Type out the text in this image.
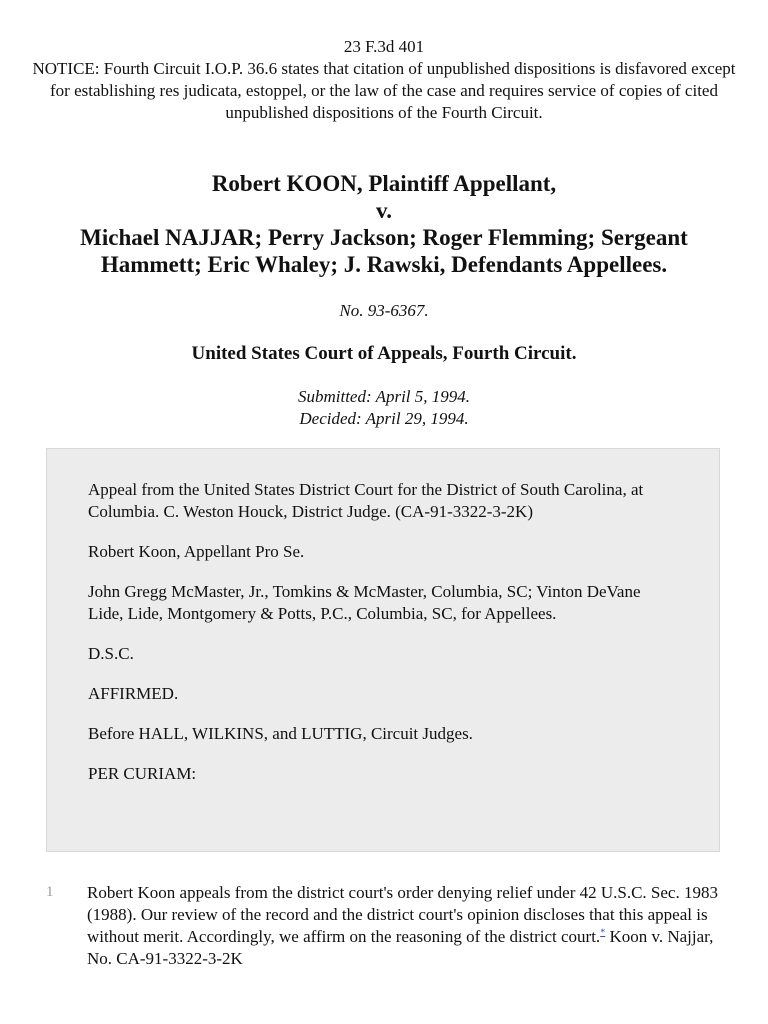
23 F.3d 401
NOTICE: Fourth Circuit I.O.P. 36.6 states that citation of unpublished dispositions is disfavored except for establishing res judicata, estoppel, or the law of the case and requires service of copies of cited unpublished dispositions of the Fourth Circuit.
Robert KOON, Plaintiff Appellant,
v.
Michael NAJJAR; Perry Jackson; Roger Flemming; Sergeant Hammett; Eric Whaley; J. Rawski, Defendants Appellees.
No. 93-6367.
United States Court of Appeals, Fourth Circuit.
Submitted: April 5, 1994.
Decided: April 29, 1994.

Appeal from the United States District Court for the District of South Carolina, at Columbia. C. Weston Houck, District Judge. (CA-91-3322-3-2K)

Robert Koon, Appellant Pro Se.

John Gregg McMaster, Jr., Tomkins & McMaster, Columbia, SC; Vinton DeVane Lide, Lide, Montgomery & Potts, P.C., Columbia, SC, for Appellees.

D.S.C.

AFFIRMED.

Before HALL, WILKINS, and LUTTIG, Circuit Judges.

PER CURIAM:

1	Robert Koon appeals from the district court's order denying relief under 42 U.S.C. Sec. 1983 (1988). Our review of the record and the district court's opinion discloses that this appeal is without merit. Accordingly, we affirm on the reasoning of the district court.* Koon v. Najjar, No. CA-91-3322-3-2K
